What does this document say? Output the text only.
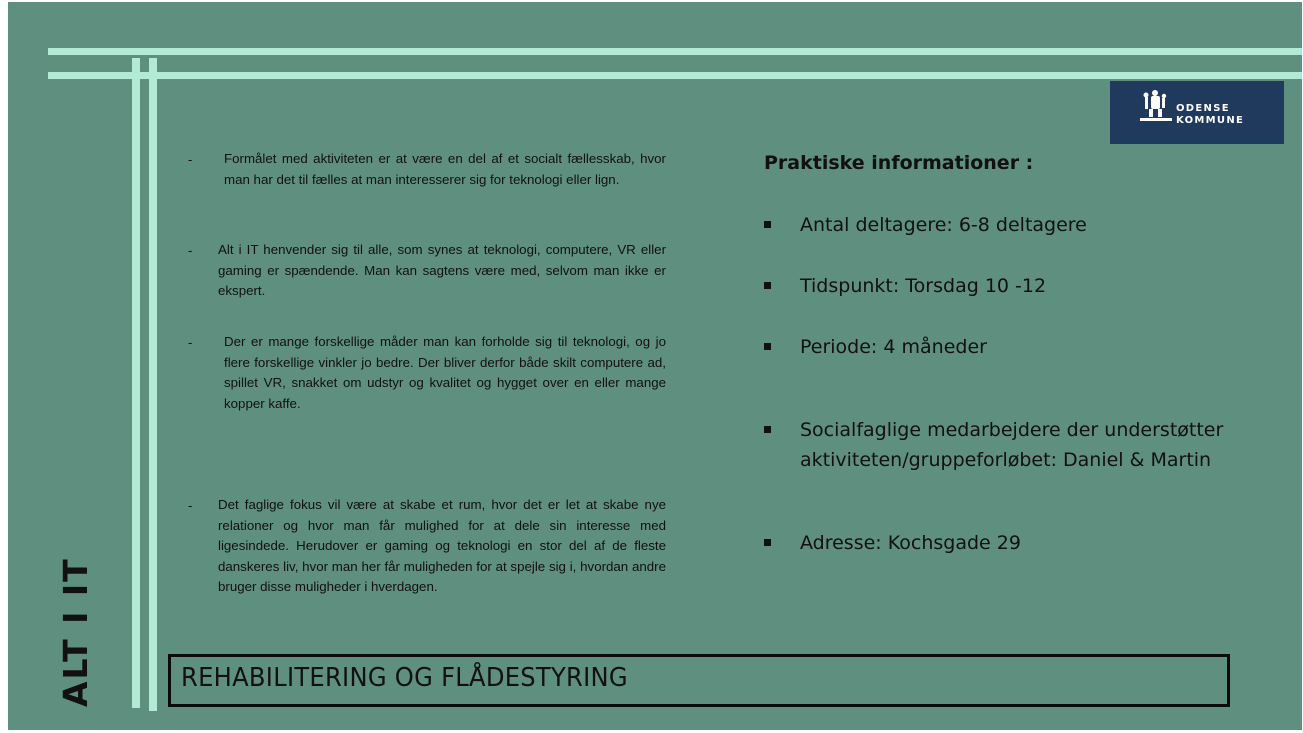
ODENSE
KOMMUNE
- Formålet med aktiviteten er at være en del af et socialt fællesskab, hvor man har det til fælles at man interesserer sig for teknologi eller lign.
- Alt i IT henvender sig til alle, som synes at teknologi, computere, VR eller gaming er spændende. Man kan sagtens være med, selvom man ikke er ekspert.
- Der er mange forskellige måder man kan forholde sig til teknologi, og jo flere forskellige vinkler jo bedre. Der bliver derfor både skilt computere ad, spillet VR, snakket om udstyr og kvalitet og hygget over en eller mange kopper kaffe.
- Det faglige fokus vil være at skabe et rum, hvor det er let at skabe nye relationer og hvor man får mulighed for at dele sin interesse med ligesindede. Herudover er gaming og teknologi en stor del af de fleste danskeres liv, hvor man her får muligheden for at spejle sig i, hvordan andre bruger disse muligheder i hverdagen.
Praktiske informationer :
Antal deltagere: 6-8 deltagere
Tidspunkt: Torsdag 10 -12
Periode: 4 måneder
Socialfaglige medarbejdere der understøtter aktiviteten/gruppeforløbet: Daniel & Martin
Adresse: Kochsgade 29
ALT I IT	REHABILITERING OG FLÅDESTYRING
